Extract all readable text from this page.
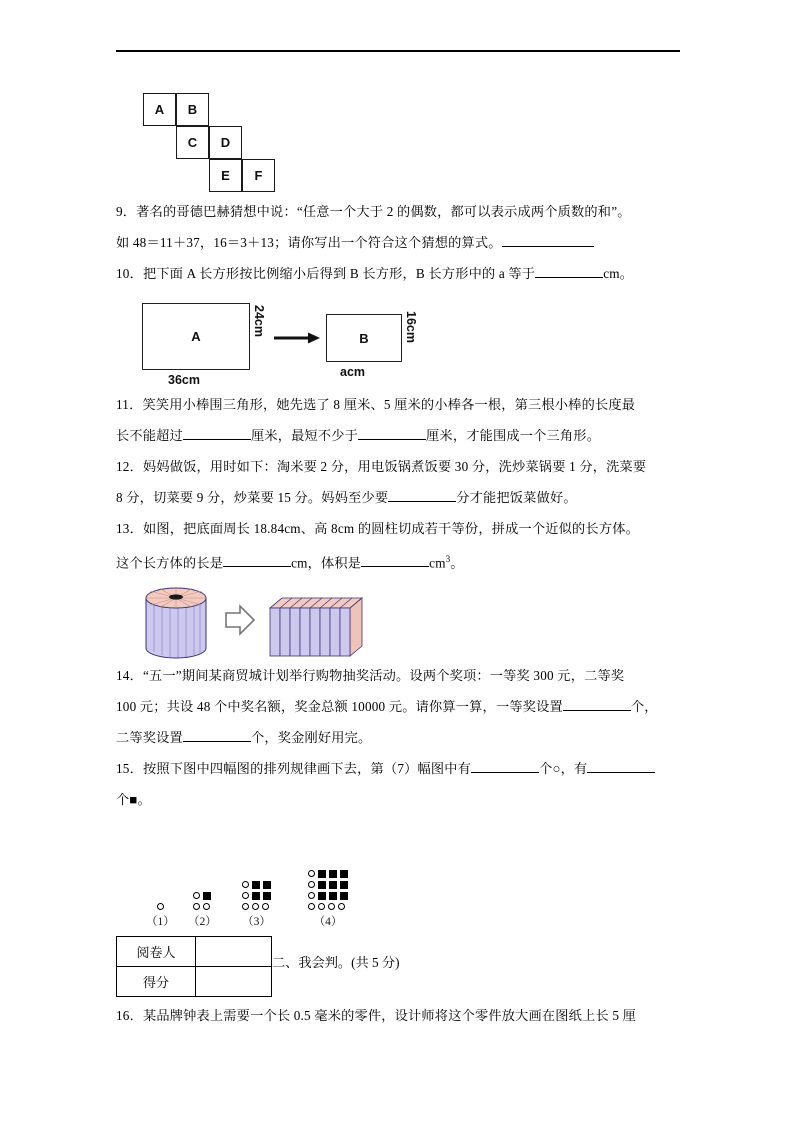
A	B
C	D
E	F

9．著名的哥德巴赫猜想中说：“任意一个大于 2 的偶数，都可以表示成两个质数的和”。

如 48＝11＋37，16＝3＋13；请你写出一个符合这个猜想的算式。

10．把下面 A 长方形按比例缩小后得到 B 长方形，B 长方形中的 a 等于	cm。

11．笑笑用小棒围三角形，她先选了 8 厘米、5 厘米的小棒各一根，第三根小棒的长度最

长不能超过	厘米，最短不少于	厘米，才能围成一个三角形。

12．妈妈做饭，用时如下：淘米要 2 分，用电饭锅煮饭要 30 分，洗炒菜锅要 1 分，洗菜要

8 分，切菜要 9 分，炒菜要 15 分。妈妈至少要	分才能把饭菜做好。

13．如图，把底面周长 18.84cm、高 8cm 的圆柱切成若干等份，拼成一个近似的长方体。

这个长方体的长是	cm，体积是	$cm^3$。

14．“五一”期间某商贸城计划举行购物抽奖活动。设两个奖项：一等奖 300 元，二等奖

100 元；共设 48 个中奖名额，奖金总额 10000 元。请你算一算，一等奖设置	个，

二等奖设置	个，奖金刚好用完。

15．按照下图中四幅图的排列规律画下去，第（7）幅图中有	个○，有

个■。

A	B
36cm
24cm	16cm
acm
（1） （2） （3）	（4）
阅卷人	
得分	
二、我会判。(共 5 分)

16．某品牌钟表上需要一个长 0.5 毫米的零件，设计师将这个零件放大画在图纸上长 5 厘
